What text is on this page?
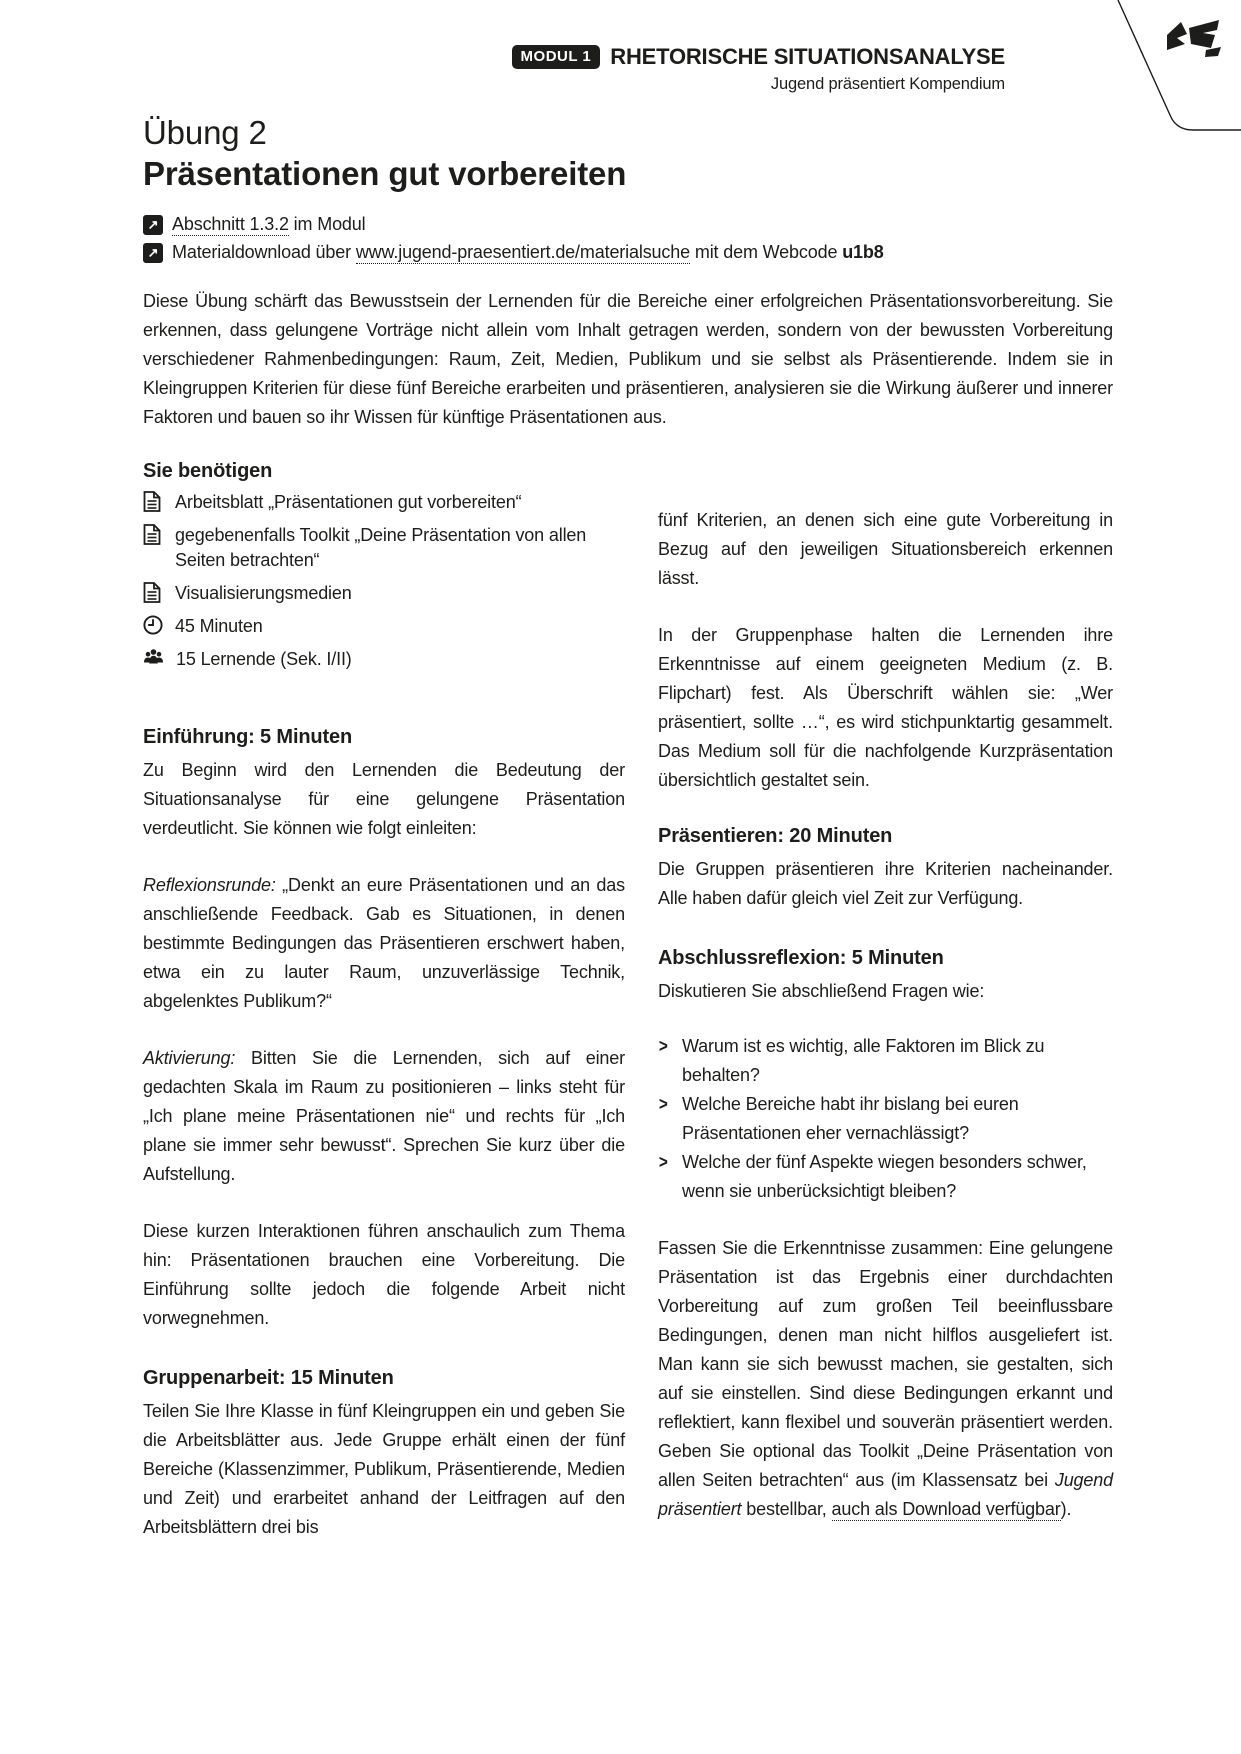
MODUL 1 RHETORISCHE SITUATIONSANALYSE
Jugend präsentiert Kompendium
Übung 2
Präsentationen gut vorbereiten
↗ Abschnitt 1.3.2 im Modul
↗ Materialdownload über www.jugend-praesentiert.de/materialsuche mit dem Webcode u1b8

Diese Übung schärft das Bewusstsein der Lernenden für die Bereiche einer erfolgreichen Präsentationsvorbereitung. Sie erkennen, dass gelungene Vorträge nicht allein vom Inhalt getragen werden, sondern von der bewussten Vorbereitung verschiedener Rahmenbedingungen: Raum, Zeit, Medien, Publikum und sie selbst als Präsentierende. Indem sie in Kleingruppen Kriterien für diese fünf Bereiche erarbeiten und präsentieren, analysieren sie die Wirkung äußerer und innerer Faktoren und bauen so ihr Wissen für künftige Präsentationen aus.

Sie benötigen
Arbeitsblatt „Präsentationen gut vorbereiten“
gegebenenfalls Toolkit „Deine Präsentation von allen Seiten betrachten“
Visualisierungsmedien
45 Minuten
15 Lernende (Sek. I/II)
Einführung: 5 Minuten

Zu Beginn wird den Lernenden die Bedeutung der Situationsanalyse für eine gelungene Präsentation verdeutlicht. Sie können wie folgt einleiten:

Reflexionsrunde: „Denkt an eure Präsentationen und an das anschließende Feedback. Gab es Situationen, in denen bestimmte Bedingungen das Präsentieren erschwert haben, etwa ein zu lauter Raum, unzuverlässige Technik, abgelenktes Publikum?“

Aktivierung: Bitten Sie die Lernenden, sich auf einer gedachten Skala im Raum zu positionieren – links steht für „Ich plane meine Präsentationen nie“ und rechts für „Ich plane sie immer sehr bewusst“. Sprechen Sie kurz über die Aufstellung.

Diese kurzen Interaktionen führen anschaulich zum Thema hin: Präsentationen brauchen eine Vorbereitung. Die Einführung sollte jedoch die folgende Arbeit nicht vorwegnehmen.

Gruppenarbeit: 15 Minuten

Teilen Sie Ihre Klasse in fünf Kleingruppen ein und geben Sie die Arbeitsblätter aus. Jede Gruppe erhält einen der fünf Bereiche (Klassenzimmer, Publikum, Präsentierende, Medien und Zeit) und erarbeitet anhand der Leitfragen auf den Arbeitsblättern drei bis

fünf Kriterien, an denen sich eine gute Vorbereitung in Bezug auf den jeweiligen Situationsbereich erkennen lässt.

In der Gruppenphase halten die Lernenden ihre Erkenntnisse auf einem geeigneten Medium (z. B. Flipchart) fest. Als Überschrift wählen sie: „Wer präsentiert, sollte …“, es wird stichpunktartig gesammelt. Das Medium soll für die nachfolgende Kurzpräsentation übersichtlich gestaltet sein.

Präsentieren: 20 Minuten

Die Gruppen präsentieren ihre Kriterien nacheinander. Alle haben dafür gleich viel Zeit zur Verfügung.

Abschlussreflexion: 5 Minuten

Diskutieren Sie abschließend Fragen wie:

> Warum ist es wichtig, alle Faktoren im Blick zu behalten?
> Welche Bereiche habt ihr bislang bei euren Präsentationen eher vernachlässigt?
> Welche der fünf Aspekte wiegen besonders schwer, wenn sie unberücksichtigt bleiben?

Fassen Sie die Erkenntnisse zusammen: Eine gelungene Präsentation ist das Ergebnis einer durchdachten Vorbereitung auf zum großen Teil beeinflussbare Bedingungen, denen man nicht hilflos ausgeliefert ist. Man kann sie sich bewusst machen, sie gestalten, sich auf sie einstellen. Sind diese Bedingungen erkannt und reflektiert, kann flexibel und souverän präsentiert werden. Geben Sie optional das Toolkit „Deine Präsentation von allen Seiten betrachten“ aus (im Klassensatz bei Jugend präsentiert bestellbar, auch als Download verfügbar).
